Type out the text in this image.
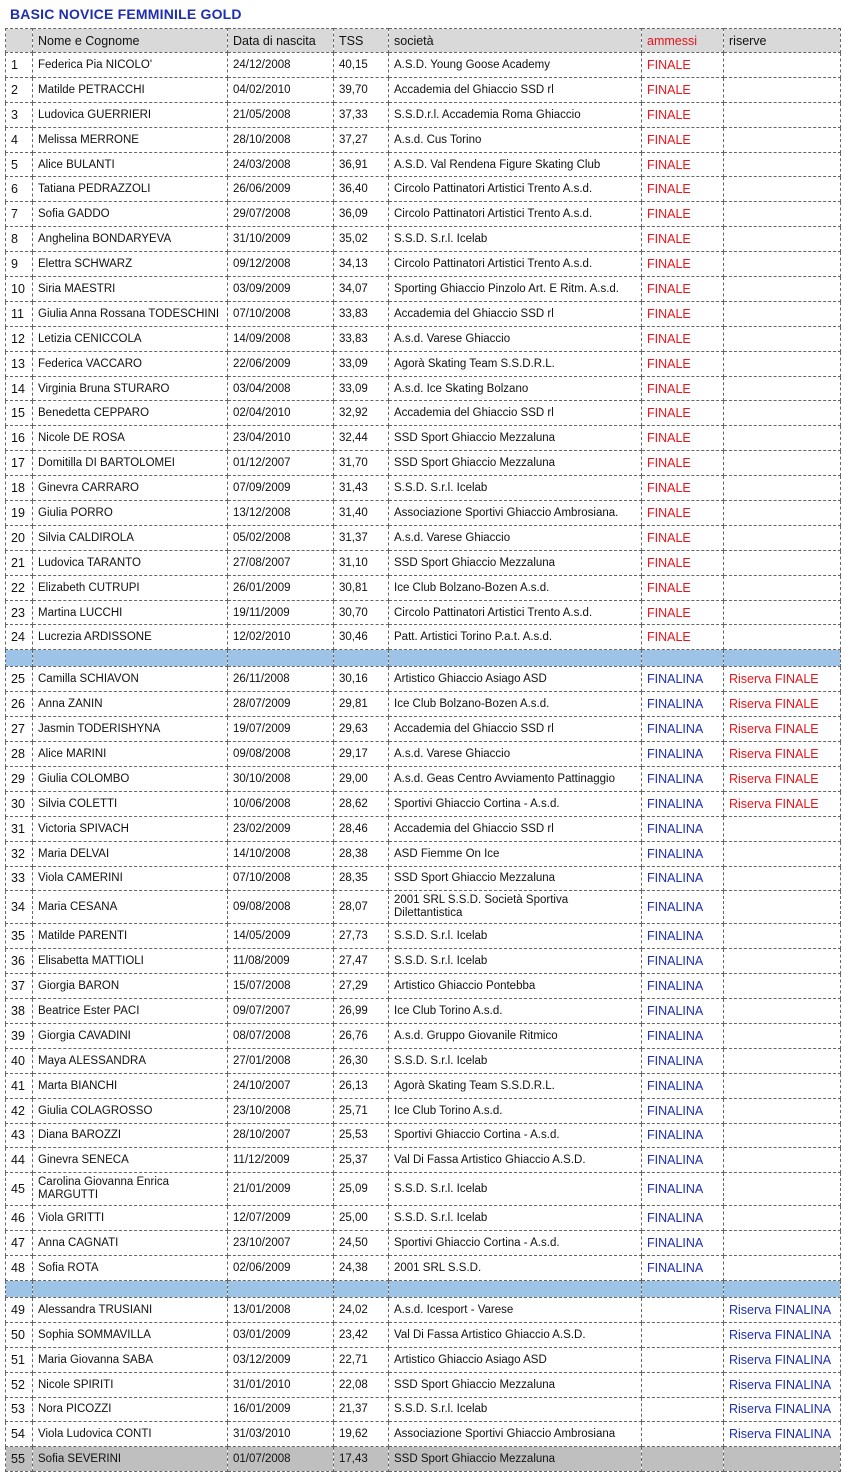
BASIC NOVICE FEMMINILE GOLD
	Nome e Cognome	Data di nascita	TSS	società	ammessi	riserve
1	Federica Pia NICOLO'	24/12/2008	40,15	A.S.D. Young Goose Academy	FINALE	
2	Matilde PETRACCHI	04/02/2010	39,70	Accademia del Ghiaccio SSD rl	FINALE	
3	Ludovica GUERRIERI	21/05/2008	37,33	S.S.D.r.l. Accademia Roma Ghiaccio	FINALE	
4	Melissa MERRONE	28/10/2008	37,27	A.s.d. Cus Torino	FINALE	
5	Alice BULANTI	24/03/2008	36,91	A.S.D. Val Rendena Figure Skating Club	FINALE	
6	Tatiana PEDRAZZOLI	26/06/2009	36,40	Circolo Pattinatori Artistici Trento A.s.d.	FINALE	
7	Sofia GADDO	29/07/2008	36,09	Circolo Pattinatori Artistici Trento A.s.d.	FINALE	
8	Anghelina BONDARYEVA	31/10/2009	35,02	S.S.D. S.r.l. Icelab	FINALE	
9	Elettra SCHWARZ	09/12/2008	34,13	Circolo Pattinatori Artistici Trento A.s.d.	FINALE	
10	Siria MAESTRI	03/09/2009	34,07	Sporting Ghiaccio Pinzolo Art. E Ritm. A.s.d.	FINALE	
11	Giulia Anna Rossana TODESCHINI	07/10/2008	33,83	Accademia del Ghiaccio SSD rl	FINALE	
12	Letizia CENICCOLA	14/09/2008	33,83	A.s.d. Varese Ghiaccio	FINALE	
13	Federica VACCARO	22/06/2009	33,09	Agorà Skating Team S.S.D.R.L.	FINALE	
14	Virginia Bruna STURARO	03/04/2008	33,09	A.s.d. Ice Skating Bolzano	FINALE	
15	Benedetta CEPPARO	02/04/2010	32,92	Accademia del Ghiaccio SSD rl	FINALE	
16	Nicole DE ROSA	23/04/2010	32,44	SSD Sport Ghiaccio Mezzaluna	FINALE	
17	Domitilla DI BARTOLOMEI	01/12/2007	31,70	SSD Sport Ghiaccio Mezzaluna	FINALE	
18	Ginevra CARRARO	07/09/2009	31,43	S.S.D. S.r.l. Icelab	FINALE	
19	Giulia PORRO	13/12/2008	31,40	Associazione Sportivi Ghiaccio Ambrosiana.	FINALE	
20	Silvia CALDIROLA	05/02/2008	31,37	A.s.d. Varese Ghiaccio	FINALE	
21	Ludovica TARANTO	27/08/2007	31,10	SSD Sport Ghiaccio Mezzaluna	FINALE	
22	Elizabeth CUTRUPI	26/01/2009	30,81	Ice Club Bolzano-Bozen A.s.d.	FINALE	
23	Martina LUCCHI	19/11/2009	30,70	Circolo Pattinatori Artistici Trento A.s.d.	FINALE	
24	Lucrezia ARDISSONE	12/02/2010	30,46	Patt. Artistici Torino P.a.t. A.s.d.	FINALE	

25	Camilla SCHIAVON	26/11/2008	30,16	Artistico Ghiaccio Asiago ASD	FINALINA	Riserva FINALE
26	Anna ZANIN	28/07/2009	29,81	Ice Club Bolzano-Bozen A.s.d.	FINALINA	Riserva FINALE
27	Jasmin TODERISHYNA	19/07/2009	29,63	Accademia del Ghiaccio SSD rl	FINALINA	Riserva FINALE
28	Alice MARINI	09/08/2008	29,17	A.s.d. Varese Ghiaccio	FINALINA	Riserva FINALE
29	Giulia COLOMBO	30/10/2008	29,00	A.s.d. Geas Centro Avviamento Pattinaggio	FINALINA	Riserva FINALE
30	Silvia COLETTI	10/06/2008	28,62	Sportivi Ghiaccio Cortina - A.s.d.	FINALINA	Riserva FINALE
31	Victoria SPIVACH	23/02/2009	28,46	Accademia del Ghiaccio SSD rl	FINALINA	
32	Maria DELVAI	14/10/2008	28,38	ASD Fiemme On Ice	FINALINA	
33	Viola CAMERINI	07/10/2008	28,35	SSD Sport Ghiaccio Mezzaluna	FINALINA	
34	Maria CESANA	09/08/2008	28,07	2001 SRL S.S.D. Società Sportiva Dilettantistica	FINALINA	
35	Matilde PARENTI	14/05/2009	27,73	S.S.D. S.r.l. Icelab	FINALINA	
36	Elisabetta MATTIOLI	11/08/2009	27,47	S.S.D. S.r.l. Icelab	FINALINA	
37	Giorgia BARON	15/07/2008	27,29	Artistico Ghiaccio Pontebba	FINALINA	
38	Beatrice Ester PACI	09/07/2007	26,99	Ice Club Torino A.s.d.	FINALINA	
39	Giorgia CAVADINI	08/07/2008	26,76	A.s.d. Gruppo Giovanile Ritmico	FINALINA	
40	Maya ALESSANDRA	27/01/2008	26,30	S.S.D. S.r.l. Icelab	FINALINA	
41	Marta BIANCHI	24/10/2007	26,13	Agorà Skating Team S.S.D.R.L.	FINALINA	
42	Giulia COLAGROSSO	23/10/2008	25,71	Ice Club Torino A.s.d.	FINALINA	
43	Diana BAROZZI	28/10/2007	25,53	Sportivi Ghiaccio Cortina - A.s.d.	FINALINA	
44	Ginevra SENECA	11/12/2009	25,37	Val Di Fassa Artistico Ghiaccio A.S.D.	FINALINA	
45	Carolina Giovanna Enrica MARGUTTI	21/01/2009	25,09	S.S.D. S.r.l. Icelab	FINALINA	
46	Viola GRITTI	12/07/2009	25,00	S.S.D. S.r.l. Icelab	FINALINA	
47	Anna CAGNATI	23/10/2007	24,50	Sportivi Ghiaccio Cortina - A.s.d.	FINALINA	
48	Sofia ROTA	02/06/2009	24,38	2001 SRL S.S.D.	FINALINA	

49	Alessandra TRUSIANI	13/01/2008	24,02	A.s.d. Icesport - Varese		Riserva FINALINA
50	Sophia SOMMAVILLA	03/01/2009	23,42	Val Di Fassa Artistico Ghiaccio A.S.D.		Riserva FINALINA
51	Maria Giovanna SABA	03/12/2009	22,71	Artistico Ghiaccio Asiago ASD		Riserva FINALINA
52	Nicole SPIRITI	31/01/2010	22,08	SSD Sport Ghiaccio Mezzaluna		Riserva FINALINA
53	Nora PICOZZI	16/01/2009	21,37	S.S.D. S.r.l. Icelab		Riserva FINALINA
54	Viola Ludovica CONTI	31/03/2010	19,62	Associazione Sportivi Ghiaccio Ambrosiana		Riserva FINALINA
55	Sofia SEVERINI	01/07/2008	17,43	SSD Sport Ghiaccio Mezzaluna		
